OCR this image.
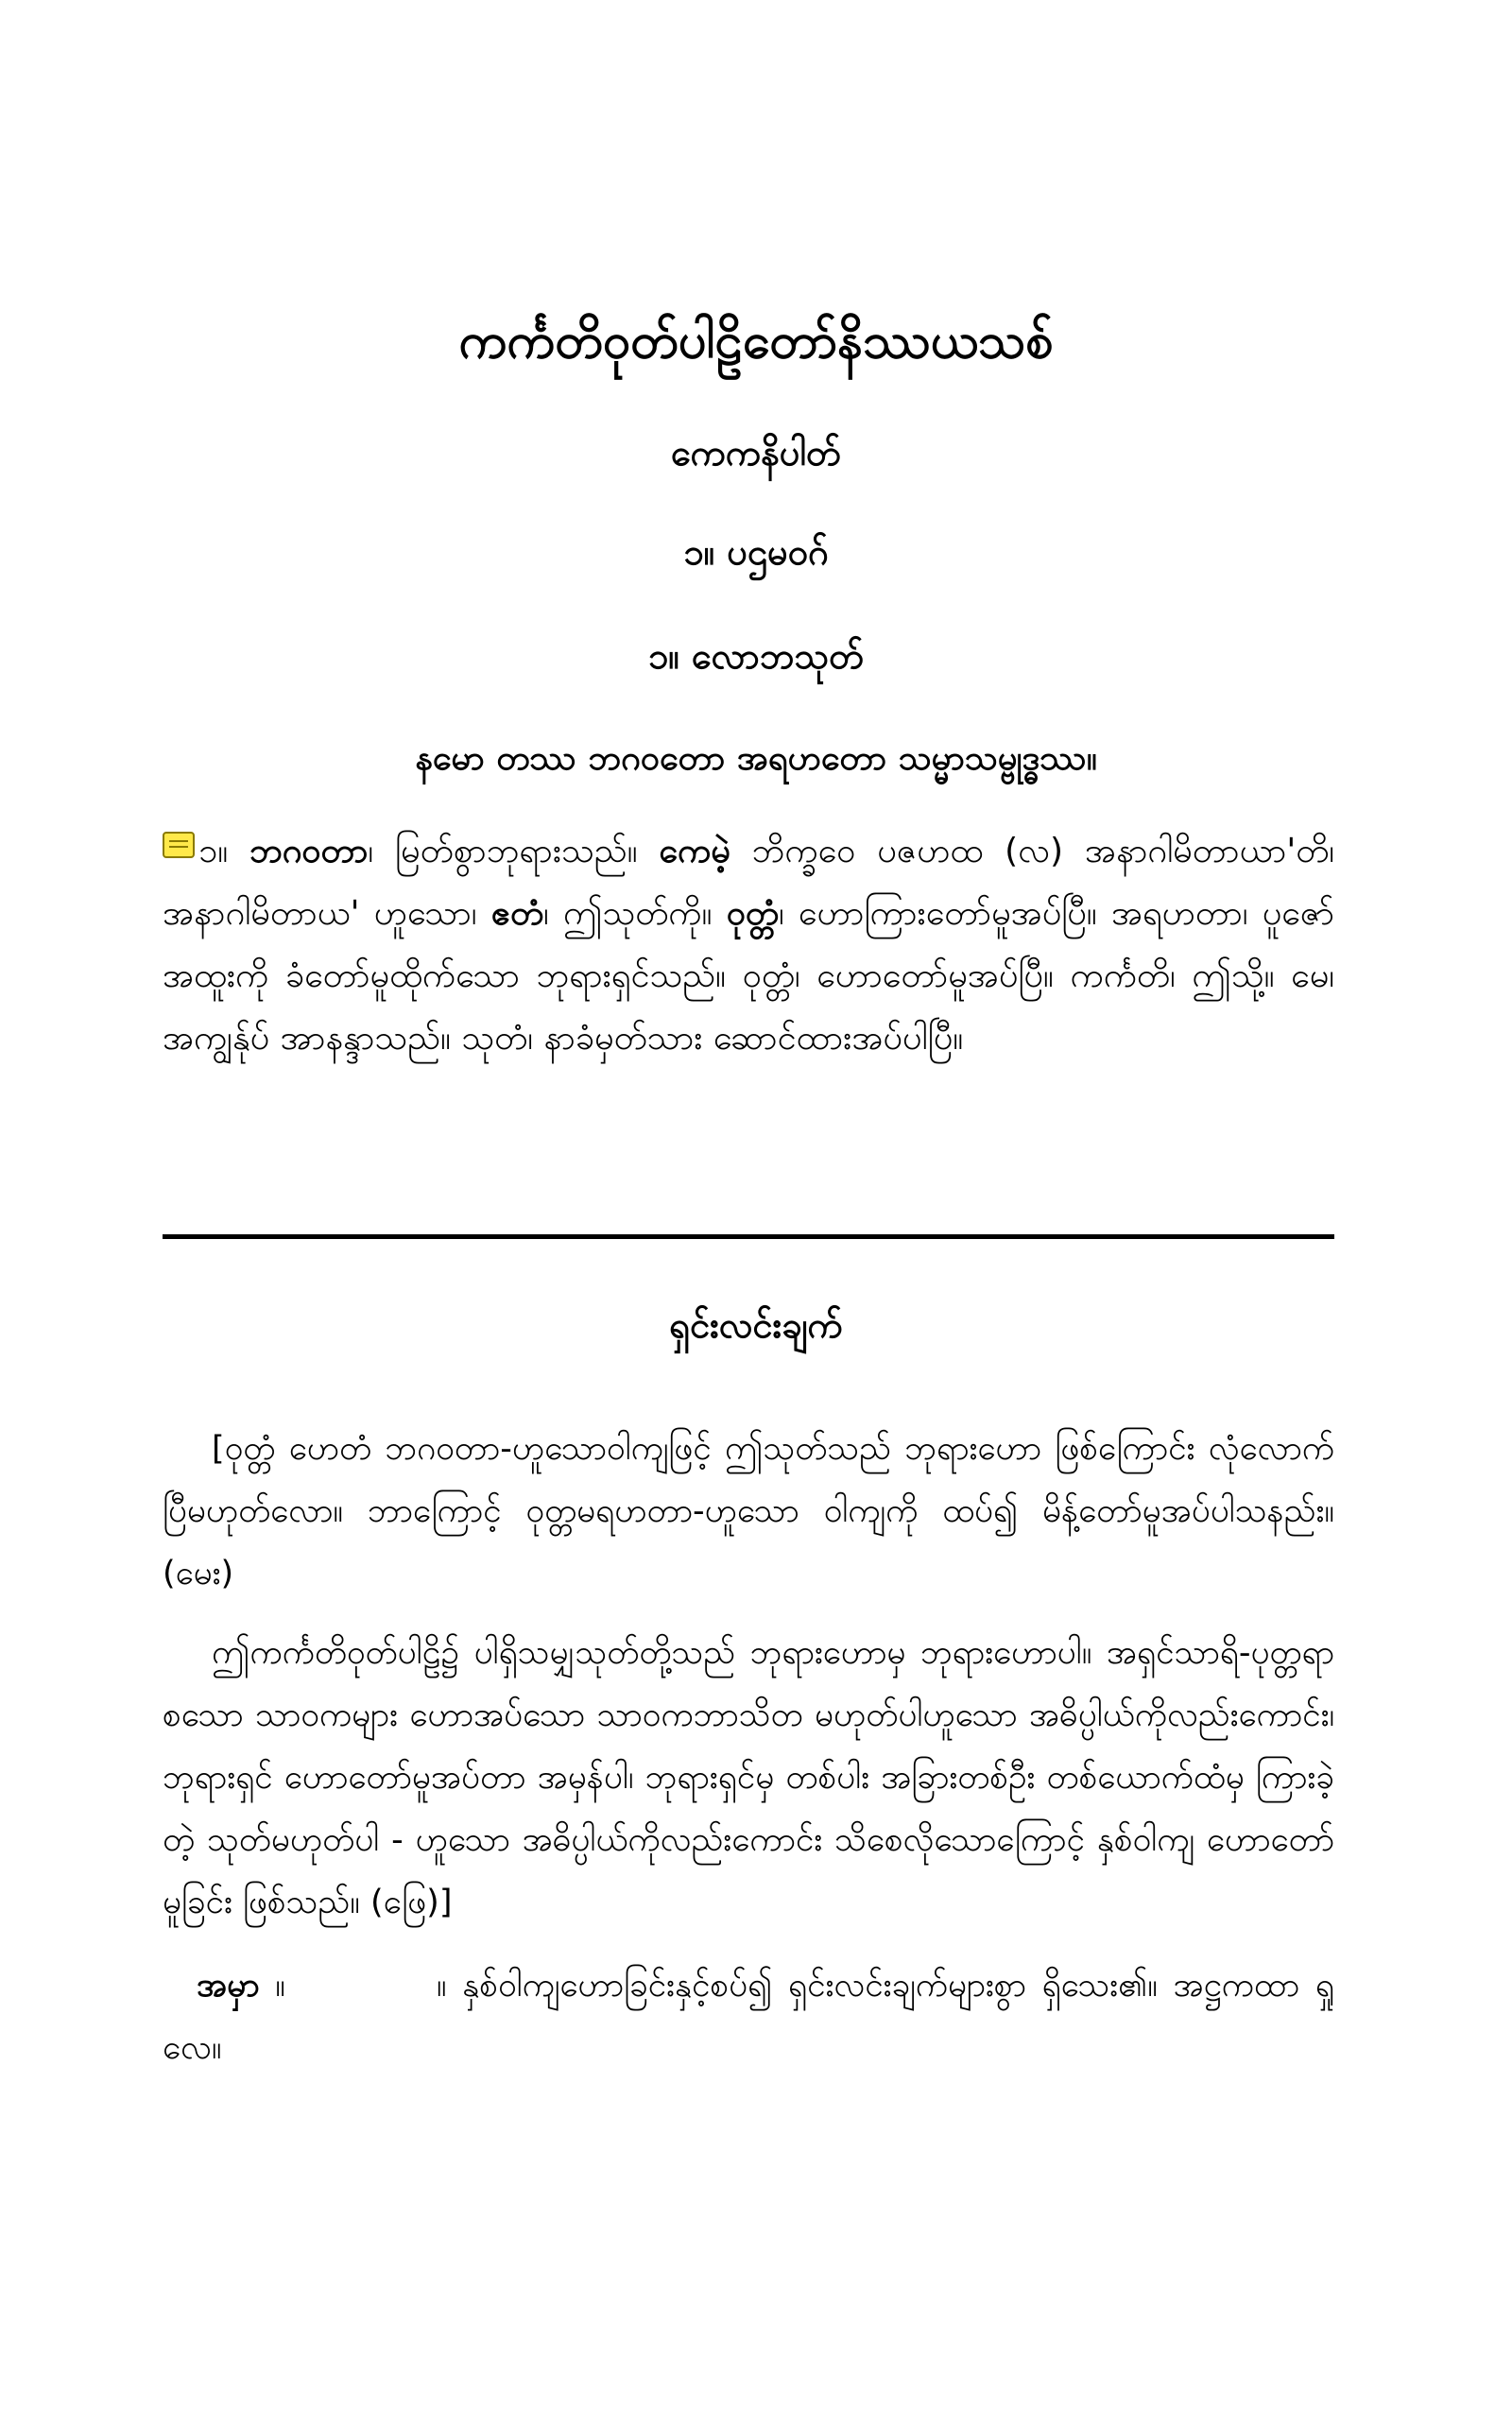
ကင်္ကတိဝုတ်ပါဠိတော်နိဿယသစ်
ကေကနိပါတ်
၁။ ပဌမဝဂ်
၁။ လောဘသုတ်
နမော တဿ ဘဂဝတော အရဟတော သမ္မာသမ္ဗုဒ္ဓဿ။
၁။ ဘဂဝတာ၊ မြတ်စွာဘုရားသည်။ ကေမဲ့ ဘိက္ခဝေ ပဇဟထ (လ) အနာဂါမိတာယာ'တိ၊ အနာဂါမိတာယ' ဟူသော၊ ဧတံ၊ ဤသုတ်ကို။ ဝုတ္တံ၊ ဟောကြားတော်မူအပ်ပြီ။ အရဟတာ၊ ပူဇော်အထူးကို ခံတော်မူထိုက်သော ဘုရားရှင်သည်။ ဝုတ္တံ၊ ဟောတော်မူအပ်ပြီ။ ကင်္ကတိ၊ ဤသို့။ မေ၊ အကျွန်ုပ် အာနန္ဒာသည်။ သုတံ၊ နာခံမှတ်သား ဆောင်ထားအပ်ပါပြီ။
ရှင်းလင်းချက်
[ဝုတ္တံ ဟေတံ ဘဂဝတာ-ဟူသောဝါကျဖြင့် ဤသုတ်သည် ဘုရားဟော ဖြစ်ကြောင်း လုံလောက်ပြီမဟုတ်လော။ ဘာကြောင့် ဝုတ္တမရဟတာ-ဟူသော ဝါကျကို ထပ်၍ မိန့်တော်မူအပ်ပါသနည်း။ (မေး)
ဤကင်္ကတိဝုတ်ပါဠိ၌ ပါရှိသမျှသုတ်တို့သည် ဘုရားဟောမှ ဘုရားဟောပါ။ အရှင်သာရိ-ပုတ္တရာစသော သာဝကများ ဟောအပ်သော သာဝကဘာသိတ မဟုတ်ပါဟူသော အဓိပ္ပါယ်ကိုလည်းကောင်း၊ ဘုရားရှင် ဟောတော်မူအပ်တာ အမှန်ပါ၊ ဘုရားရှင်မှ တစ်ပါး အခြားတစ်ဦး တစ်ယောက်ထံမှ ကြားခဲ့တဲ့ သုတ်မဟုတ်ပါ - ဟူသော အဓိပ္ပါယ်ကိုလည်းကောင်း သိစေလိုသောကြောင့် နှစ်ဝါကျ ဟောတော်မူခြင်း ဖြစ်သည်။ (ဖြေ)]
အမှာ ။	။ နှစ်ဝါကျဟောခြင်းနှင့်စပ်၍ ရှင်းလင်းချက်များစွာ ရှိသေး၏။ အဋ္ဌကထာ ရှုလေ။
